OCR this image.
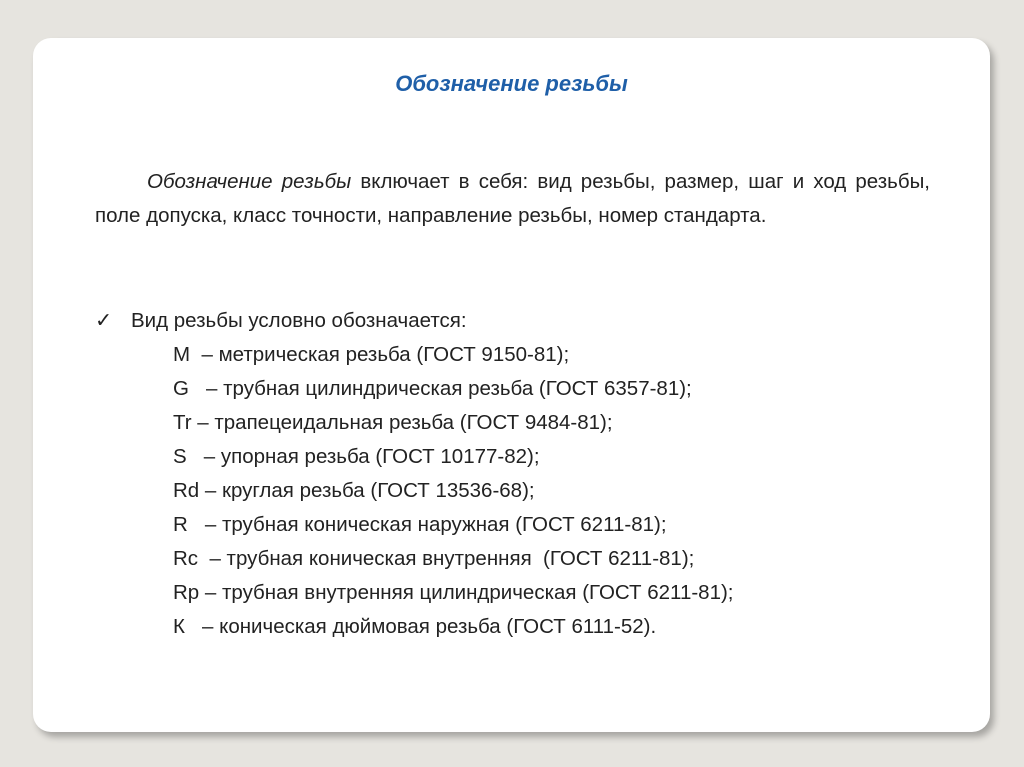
Обозначение резьбы
Обозначение резьбы включает в себя: вид резьбы, размер, шаг и ход резьбы, поле допуска, класс точности, направление резьбы, номер стандарта.
✓ Вид резьбы условно обозначается:
M  – метрическая резьба (ГОСТ 9150-81);
G   – трубная цилиндрическая резьба (ГОСТ 6357-81);
Tr – трапецеидальная резьба (ГОСТ 9484-81);
S   – упорная резьба (ГОСТ 10177-82);
Rd – круглая резьба (ГОСТ 13536-68);
R   – трубная коническая наружная (ГОСТ 6211-81);
Rc  – трубная коническая внутренняя  (ГОСТ 6211-81);
Rp – трубная внутренняя цилиндрическая (ГОСТ 6211-81);
К   – коническая дюймовая резьба (ГОСТ 6111-52).
